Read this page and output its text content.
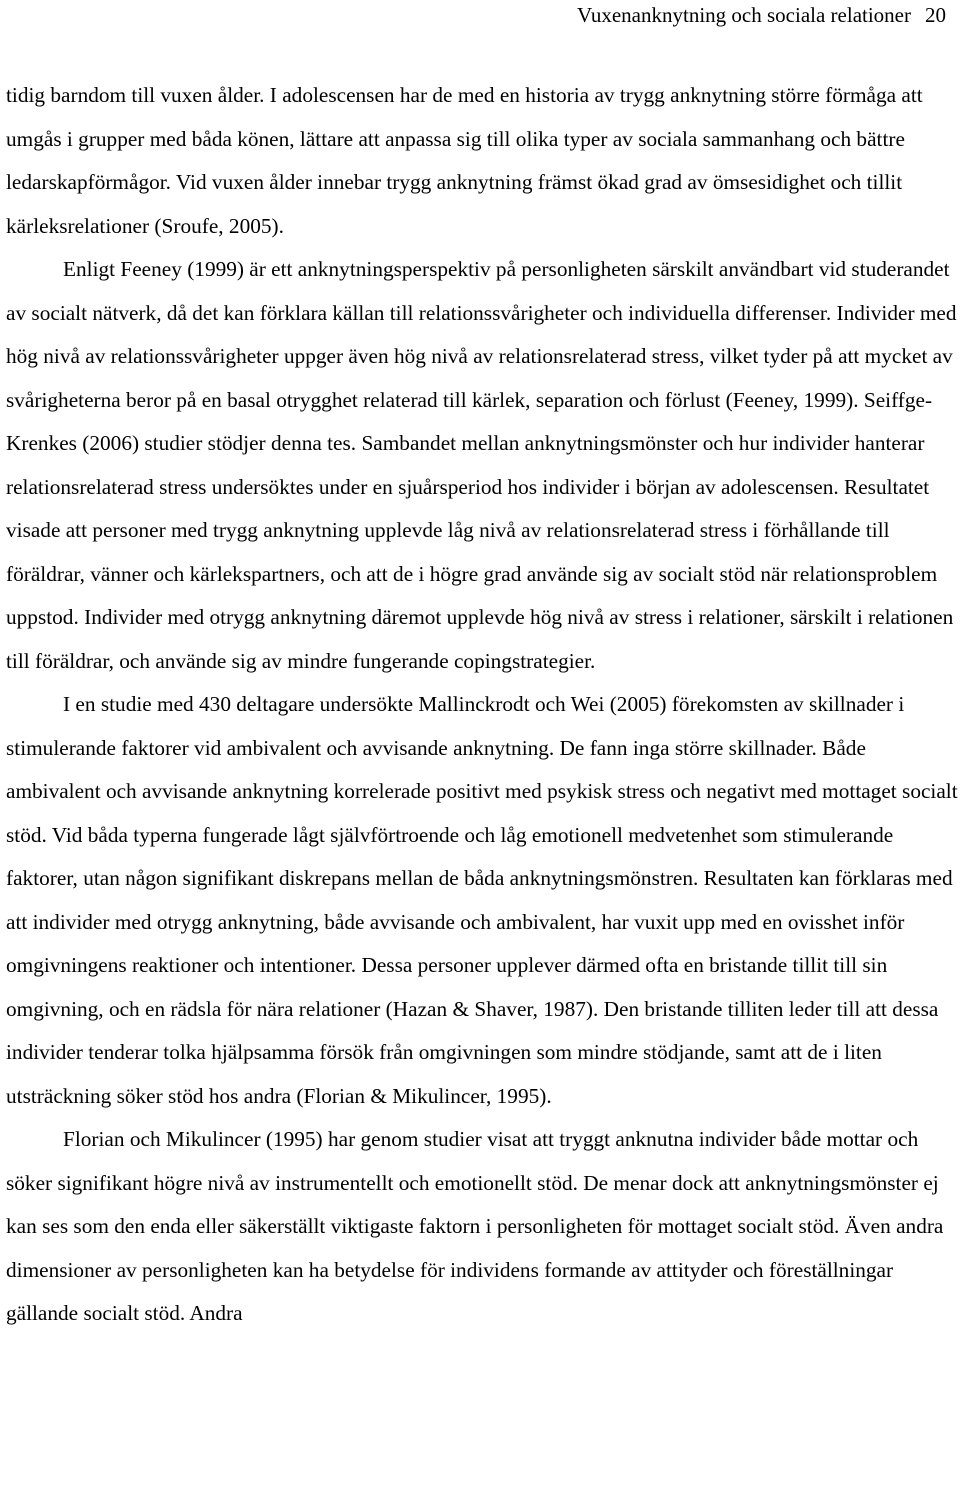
Vuxenanknytning och sociala relationer 20

tidig barndom till vuxen ålder. I adolescensen har de med en historia av trygg anknytning större förmåga att umgås i grupper med båda könen, lättare att anpassa sig till olika typer av sociala sammanhang och bättre ledarskapförmågor. Vid vuxen ålder innebar trygg anknytning främst ökad grad av ömsesidighet och tillit kärleksrelationer (Sroufe, 2005).

Enligt Feeney (1999) är ett anknytningsperspektiv på personligheten särskilt användbart vid studerandet av socialt nätverk, då det kan förklara källan till relationssvårigheter och individuella differenser. Individer med hög nivå av relationssvårigheter uppger även hög nivå av relationsrelaterad stress, vilket tyder på att mycket av svårigheterna beror på en basal otrygghet relaterad till kärlek, separation och förlust (Feeney, 1999). Seiffge-Krenkes (2006) studier stödjer denna tes. Sambandet mellan anknytningsmönster och hur individer hanterar relationsrelaterad stress undersöktes under en sjuårsperiod hos individer i början av adolescensen. Resultatet visade att personer med trygg anknytning upplevde låg nivå av relationsrelaterad stress i förhållande till föräldrar, vänner och kärlekspartners, och att de i högre grad använde sig av socialt stöd när relationsproblem uppstod. Individer med otrygg anknytning däremot upplevde hög nivå av stress i relationer, särskilt i relationen till föräldrar, och använde sig av mindre fungerande copingstrategier.

I en studie med 430 deltagare undersökte Mallinckrodt och Wei (2005) förekomsten av skillnader i stimulerande faktorer vid ambivalent och avvisande anknytning. De fann inga större skillnader. Både ambivalent och avvisande anknytning korrelerade positivt med psykisk stress och negativt med mottaget socialt stöd. Vid båda typerna fungerade lågt självförtroende och låg emotionell medvetenhet som stimulerande faktorer, utan någon signifikant diskrepans mellan de båda anknytningsmönstren. Resultaten kan förklaras med att individer med otrygg anknytning, både avvisande och ambivalent, har vuxit upp med en ovisshet inför omgivningens reaktioner och intentioner. Dessa personer upplever därmed ofta en bristande tillit till sin omgivning, och en rädsla för nära relationer (Hazan & Shaver, 1987). Den bristande tilliten leder till att dessa individer tenderar tolka hjälpsamma försök från omgivningen som mindre stödjande, samt att de i liten utsträckning söker stöd hos andra (Florian & Mikulincer, 1995).

Florian och Mikulincer (1995) har genom studier visat att tryggt anknutna individer både mottar och söker signifikant högre nivå av instrumentellt och emotionellt stöd. De menar dock att anknytningsmönster ej kan ses som den enda eller säkerställt viktigaste faktorn i personligheten för mottaget socialt stöd. Även andra dimensioner av personligheten kan ha betydelse för individens formande av attityder och föreställningar gällande socialt stöd. Andra
